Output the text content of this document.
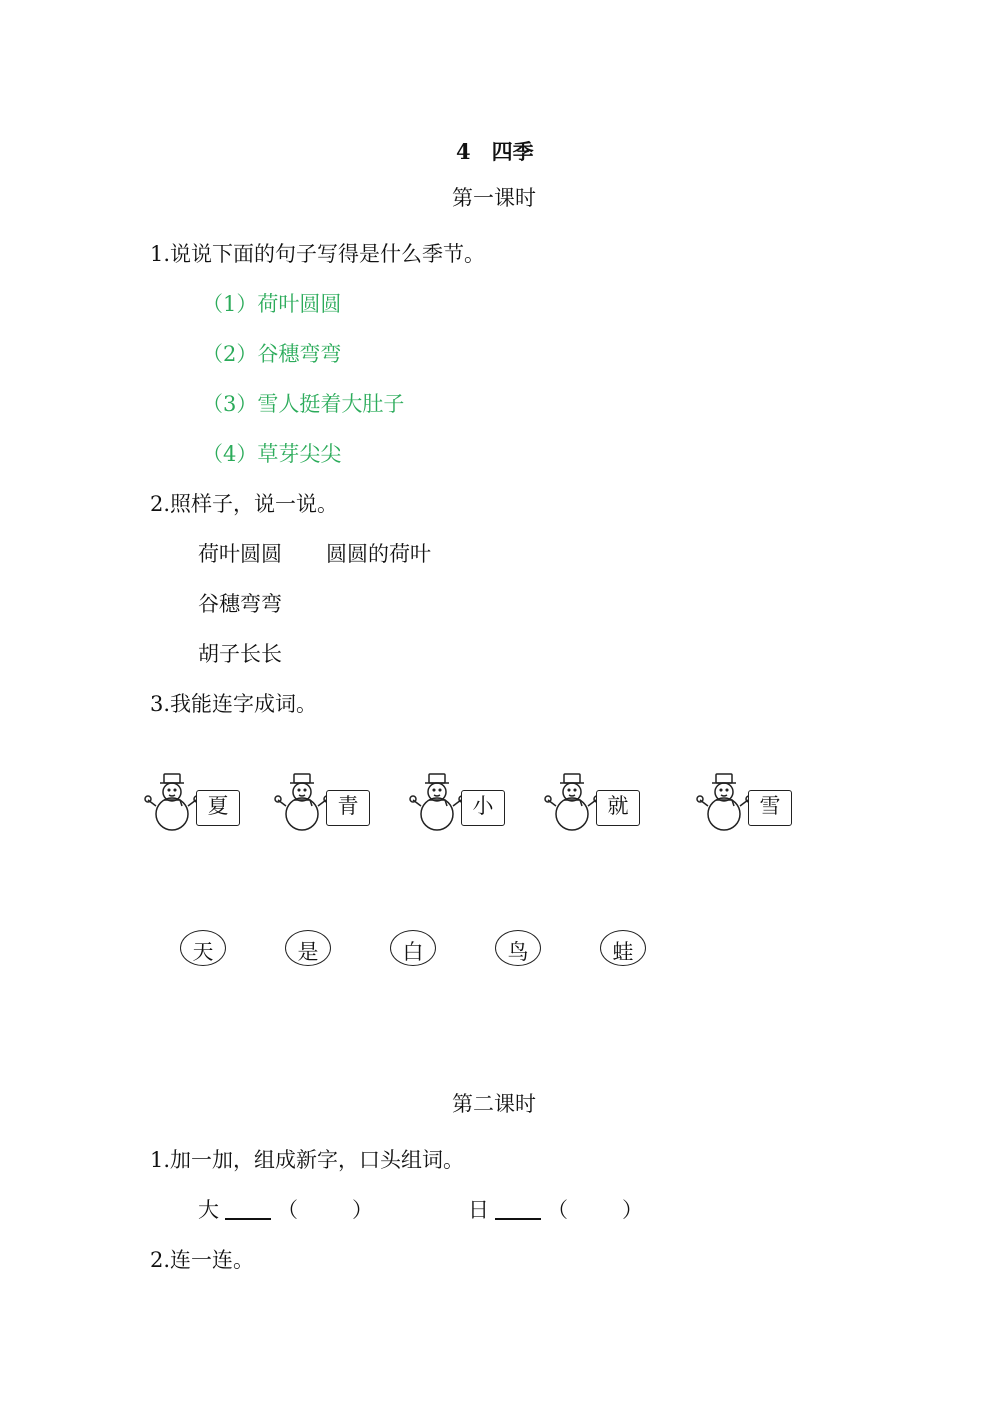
4　四季
第一课时
1.说说下面的句子写得是什么季节。
（1）荷叶圆圆
（2）谷穗弯弯
（3）雪人挺着大肚子
（4）草芽尖尖
2.照样子，说一说。
荷叶圆圆 圆圆的荷叶
谷穗弯弯
胡子长长
3.我能连字成词。
夏	青	小	就	雪
天	是	白	鸟	蛙
第二课时
1.加一加，组成新字，口头组词。
大	（	）	日	（	）
2.连一连。
